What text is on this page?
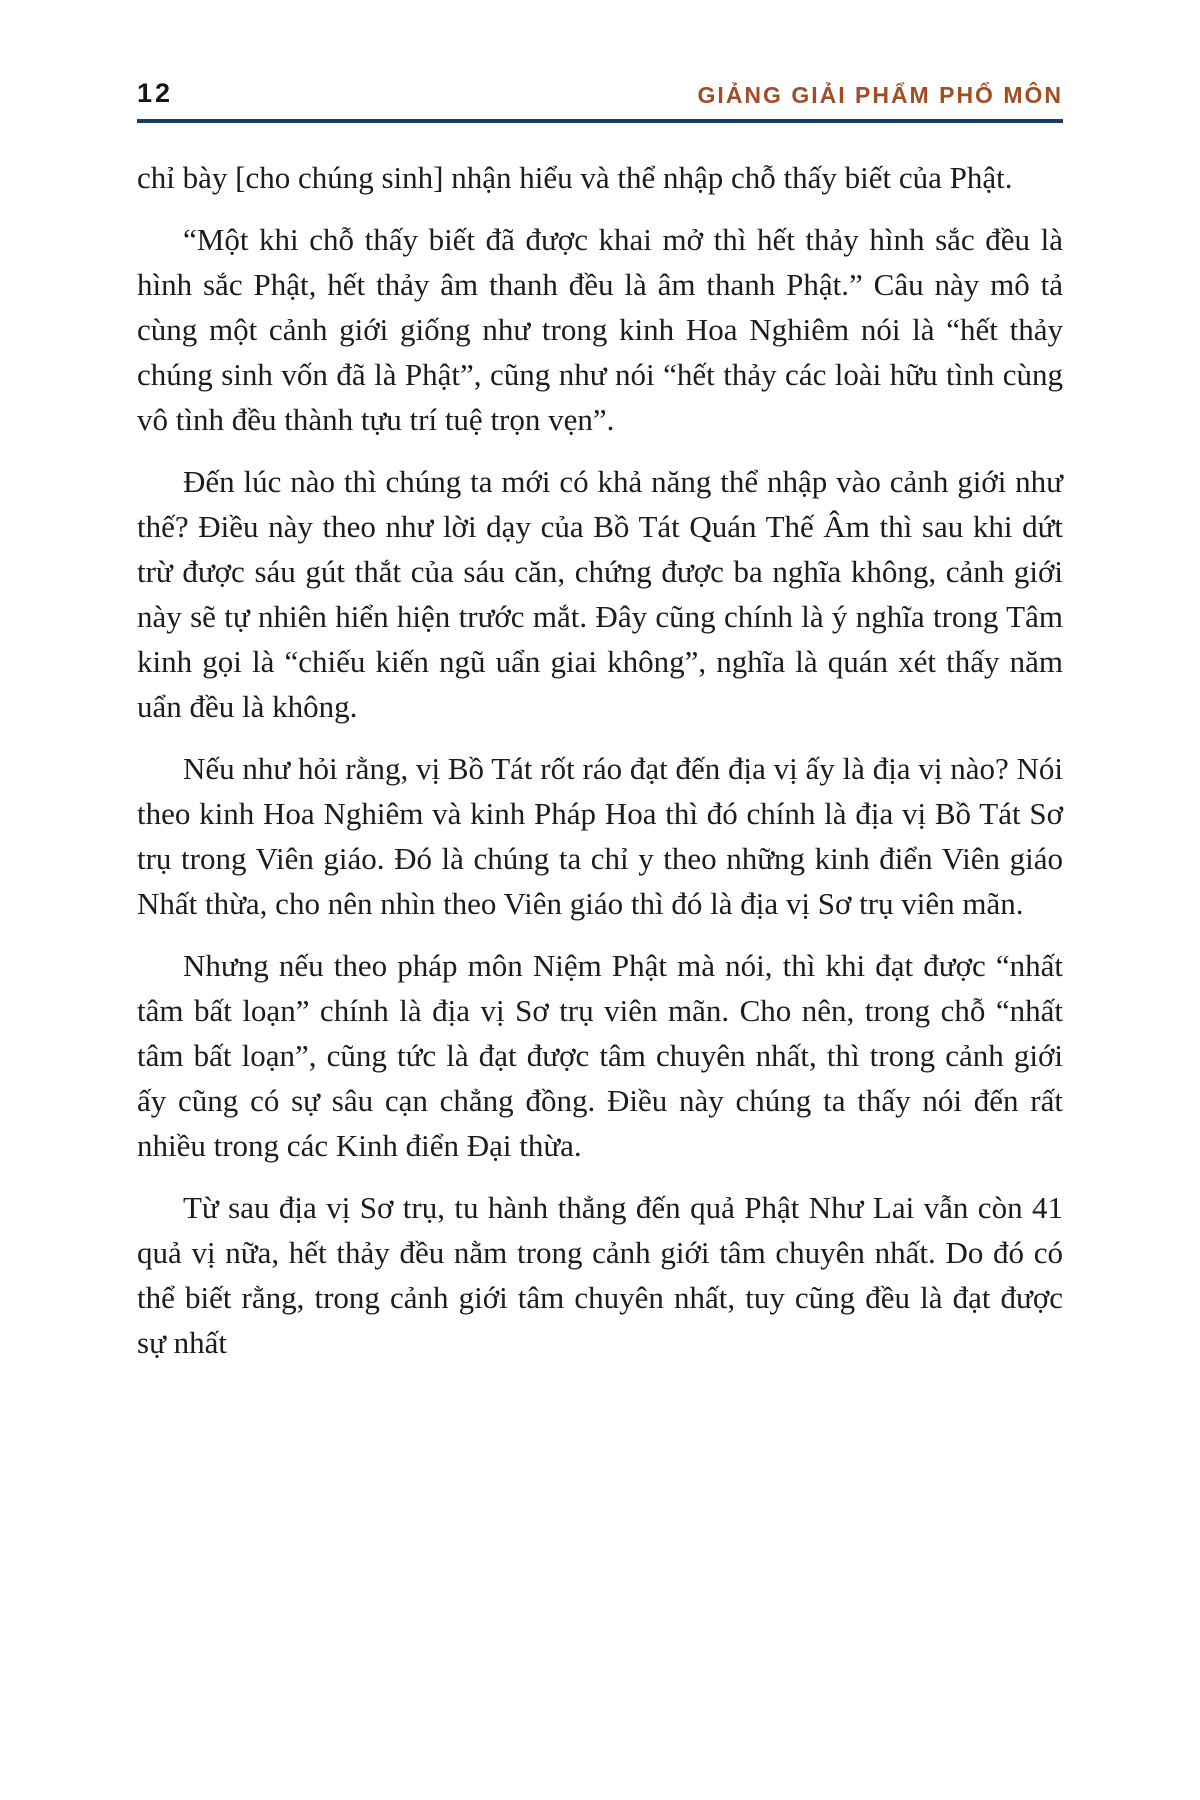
12	GIẢNG GIẢI PHẨM PHỔ MÔN

chỉ bày [cho chúng sinh] nhận hiểu và thể nhập chỗ thấy biết của Phật.

“Một khi chỗ thấy biết đã được khai mở thì hết thảy hình sắc đều là hình sắc Phật, hết thảy âm thanh đều là âm thanh Phật.” Câu này mô tả cùng một cảnh giới giống như trong kinh Hoa Nghiêm nói là “hết thảy chúng sinh vốn đã là Phật”, cũng như nói “hết thảy các loài hữu tình cùng vô tình đều thành tựu trí tuệ trọn vẹn”.

Đến lúc nào thì chúng ta mới có khả năng thể nhập vào cảnh giới như thế? Điều này theo như lời dạy của Bồ Tát Quán Thế Âm thì sau khi dứt trừ được sáu gút thắt của sáu căn, chứng được ba nghĩa không, cảnh giới này sẽ tự nhiên hiển hiện trước mắt. Đây cũng chính là ý nghĩa trong Tâm kinh gọi là “chiếu kiến ngũ uẩn giai không”, nghĩa là quán xét thấy năm uẩn đều là không.

Nếu như hỏi rằng, vị Bồ Tát rốt ráo đạt đến địa vị ấy là địa vị nào? Nói theo kinh Hoa Nghiêm và kinh Pháp Hoa thì đó chính là địa vị Bồ Tát Sơ trụ trong Viên giáo. Đó là chúng ta chỉ y theo những kinh điển Viên giáo Nhất thừa, cho nên nhìn theo Viên giáo thì đó là địa vị Sơ trụ viên mãn.

Nhưng nếu theo pháp môn Niệm Phật mà nói, thì khi đạt được “nhất tâm bất loạn” chính là địa vị Sơ trụ viên mãn. Cho nên, trong chỗ “nhất tâm bất loạn”, cũng tức là đạt được tâm chuyên nhất, thì trong cảnh giới ấy cũng có sự sâu cạn chẳng đồng. Điều này chúng ta thấy nói đến rất nhiều trong các Kinh điển Đại thừa.

Từ sau địa vị Sơ trụ, tu hành thẳng đến quả Phật Như Lai vẫn còn 41 quả vị nữa, hết thảy đều nằm trong cảnh giới tâm chuyên nhất. Do đó có thể biết rằng, trong cảnh giới tâm chuyên nhất, tuy cũng đều là đạt được sự nhất
